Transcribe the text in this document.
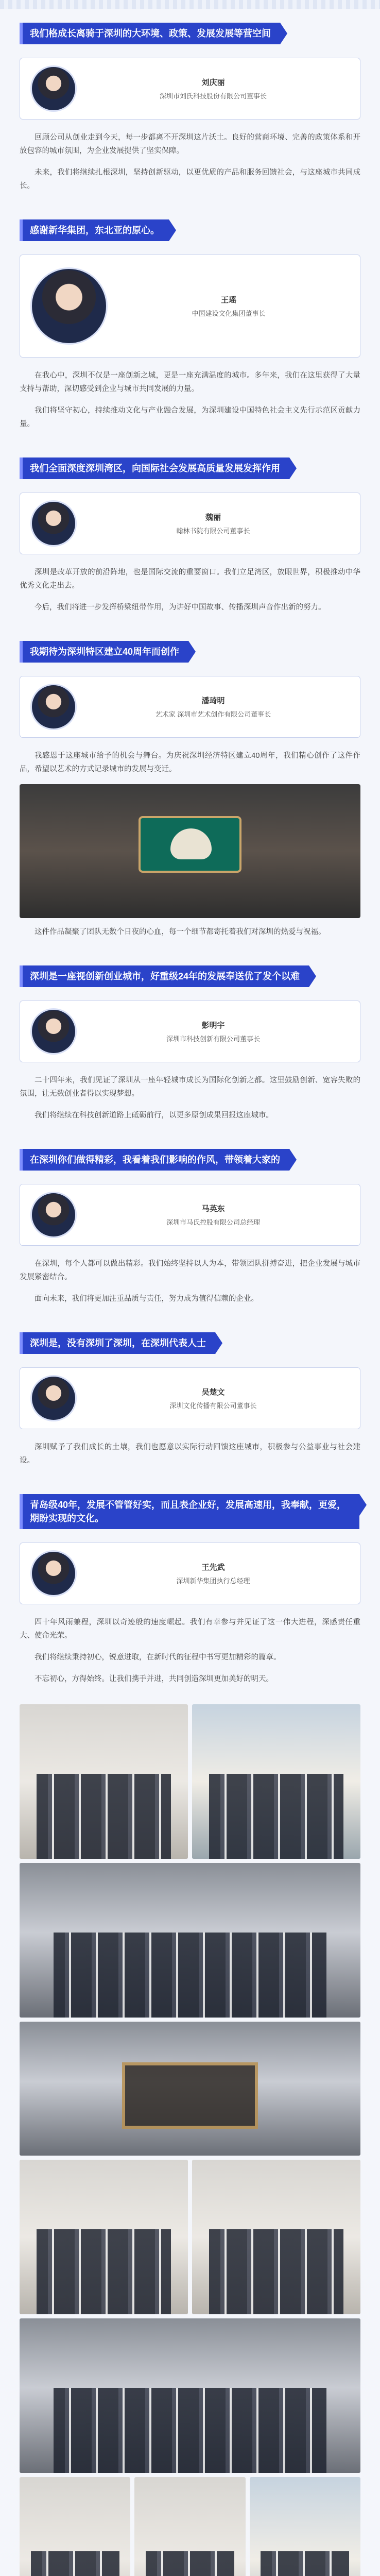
我们格成长离骑于深圳的大环境、政策、发展发展等营空间
刘庆丽
深圳市刘氏科技股份有限公司董事长

回顾公司从创业走到今天，每一步都离不开深圳这片沃土。良好的营商环境、完善的政策体系和开放包容的城市氛围，为企业发展提供了坚实保障。

未来，我们将继续扎根深圳，坚持创新驱动，以更优质的产品和服务回馈社会，与这座城市共同成长。

感谢新华集团，东北亚的原心。
王瑶
中国建设文化集团董事长

在我心中，深圳不仅是一座创新之城，更是一座充满温度的城市。多年来，我们在这里获得了大量支持与帮助，深切感受到企业与城市共同发展的力量。

我们将坚守初心，持续推动文化与产业融合发展，为深圳建设中国特色社会主义先行示范区贡献力量。

我们全面深度深圳湾区，向国际社会发展高质量发展发挥作用
魏丽
翰林书院有限公司董事长

深圳是改革开放的前沿阵地，也是国际交流的重要窗口。我们立足湾区，放眼世界，积极推动中华优秀文化走出去。

今后，我们将进一步发挥桥梁纽带作用，为讲好中国故事、传播深圳声音作出新的努力。

我期待为深圳特区建立40周年而创作
潘琦明
艺术家 深圳市艺术创作有限公司董事长

我感恩于这座城市给予的机会与舞台。为庆祝深圳经济特区建立40周年，我们精心创作了这件作品，希望以艺术的方式记录城市的发展与变迁。

这件作品凝聚了团队无数个日夜的心血，每一个细节都寄托着我们对深圳的热爱与祝福。

深圳是一座视创新创业城市，好重级24年的发展奉送优了发个以难
彭明宇
深圳市科技创新有限公司董事长

二十四年来，我们见证了深圳从一座年轻城市成长为国际化创新之都。这里鼓励创新、宽容失败的氛围，让无数创业者得以实现梦想。

我们将继续在科技创新道路上砥砺前行，以更多原创成果回报这座城市。

在深圳你们做得精彩，我看着我们影响的作风，带领着大家的
马英东
深圳市马氏控股有限公司总经理

在深圳，每个人都可以做出精彩。我们始终坚持以人为本，带领团队拼搏奋进，把企业发展与城市发展紧密结合。

面向未来，我们将更加注重品质与责任，努力成为值得信赖的企业。

深圳是，没有深圳了深圳，在深圳代表人士
吴楚文
深圳文化传播有限公司董事长

深圳赋予了我们成长的土壤，我们也愿意以实际行动回馈这座城市，积极参与公益事业与社会建设。

青岛级40年，发展不管管好实，而且表企业好，发展高速用，我奉献，更爱，期盼实现的文化。
王先武
深圳新华集团执行总经理

四十年风雨兼程，深圳以奇迹般的速度崛起。我们有幸参与并见证了这一伟大进程，深感责任重大、使命光荣。

我们将继续秉持初心，锐意进取，在新时代的征程中书写更加精彩的篇章。

不忘初心，方得始终。让我们携手并进，共同创造深圳更加美好的明天。
